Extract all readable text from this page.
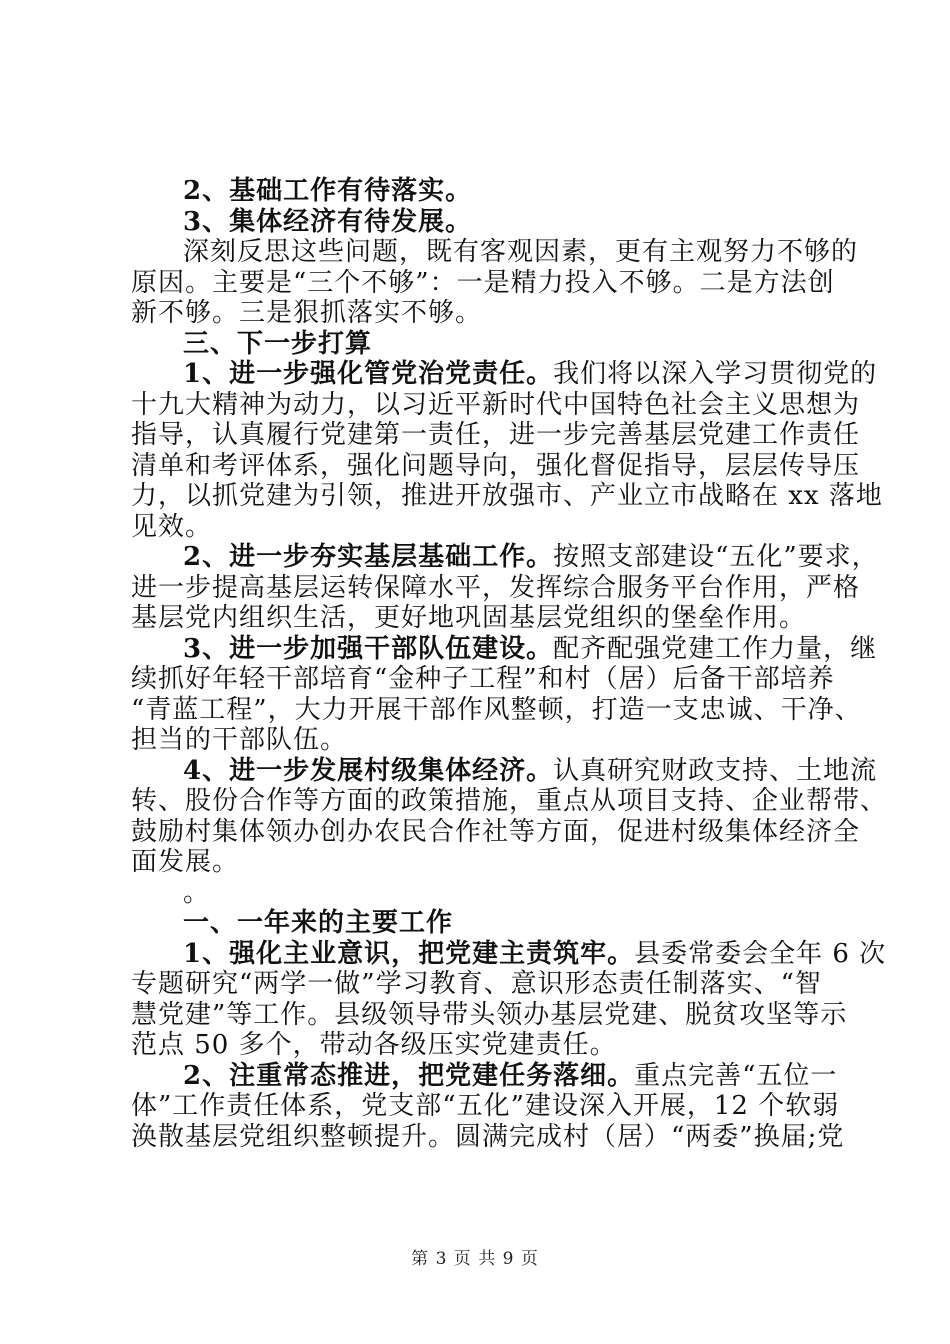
2、基础工作有待落实。
3、集体经济有待发展。
深刻反思这些问题，既有客观因素，更有主观努力不够的
原因。主要是“三个不够”：一是精力投入不够。二是方法创
新不够。三是狠抓落实不够。
三、下一步打算
1、进一步强化管党治党责任。我们将以深入学习贯彻党的
十九大精神为动力，以习近平新时代中国特色社会主义思想为
指导，认真履行党建第一责任，进一步完善基层党建工作责任
清单和考评体系，强化问题导向，强化督促指导，层层传导压
力，以抓党建为引领，推进开放强市、产业立市战略在 xx 落地
见效。
2、进一步夯实基层基础工作。按照支部建设“五化”要求，
进一步提高基层运转保障水平，发挥综合服务平台作用，严格
基层党内组织生活，更好地巩固基层党组织的堡垒作用。
3、进一步加强干部队伍建设。配齐配强党建工作力量，继
续抓好年轻干部培育“金种子工程”和村（居）后备干部培养
“青蓝工程”，大力开展干部作风整顿，打造一支忠诚、干净、
担当的干部队伍。
4、进一步发展村级集体经济。认真研究财政支持、土地流
转、股份合作等方面的政策措施，重点从项目支持、企业帮带、
鼓励村集体领办创办农民合作社等方面，促进村级集体经济全
面发展。
。
一、一年来的主要工作
1、强化主业意识，把党建主责筑牢。县委常委会全年 6 次
专题研究“两学一做”学习教育、意识形态责任制落实、“智
慧党建”等工作。县级领导带头领办基层党建、脱贫攻坚等示
范点 50 多个，带动各级压实党建责任。
2、注重常态推进，把党建任务落细。重点完善“五位一
体”工作责任体系，党支部“五化”建设深入开展，12 个软弱
涣散基层党组织整顿提升。圆满完成村（居）“两委”换届;党
第 3 页 共 9 页
